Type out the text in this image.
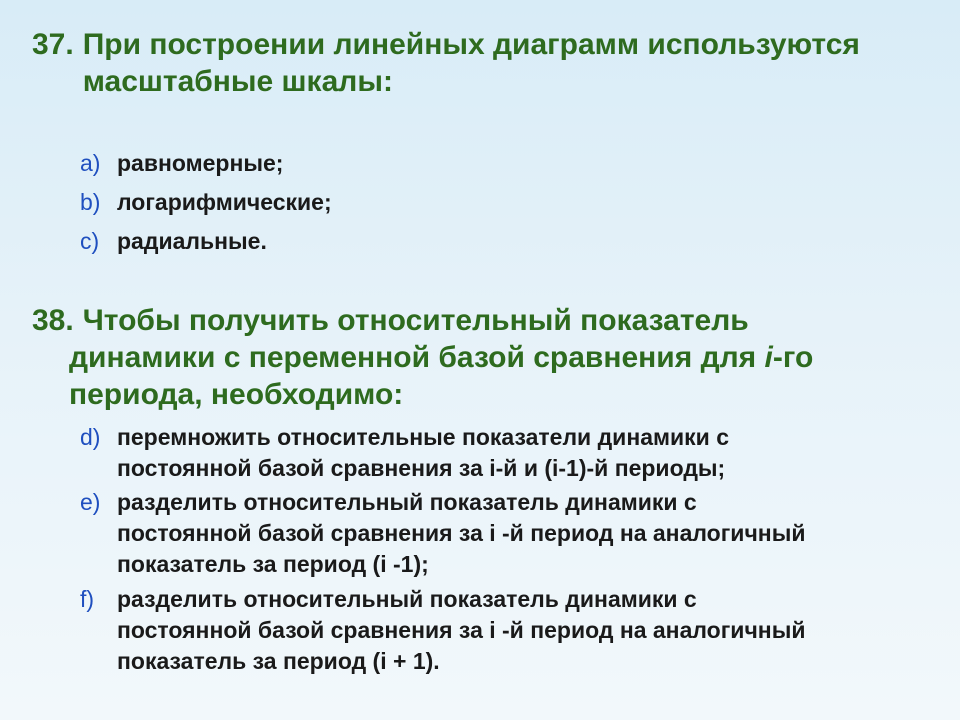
37. При построении линейных диаграмм используются
масштабные шкалы:
a) равномерные;
b) логарифмические;
c) радиальные.
38. Чтобы получить относительный показатель
динамики с переменной базой сравнения для i-го
периода, необходимо:
d) перемножить относительные показатели динамики с
постоянной базой сравнения за i-й и (i-1)-й периоды;
e) разделить относительный показатель динамики с
постоянной базой сравнения за i -й период на аналогичный
показатель за период (i -1);
f) разделить относительный показатель динамики с
постоянной базой сравнения за i -й период на аналогичный
показатель за период (i + 1).
